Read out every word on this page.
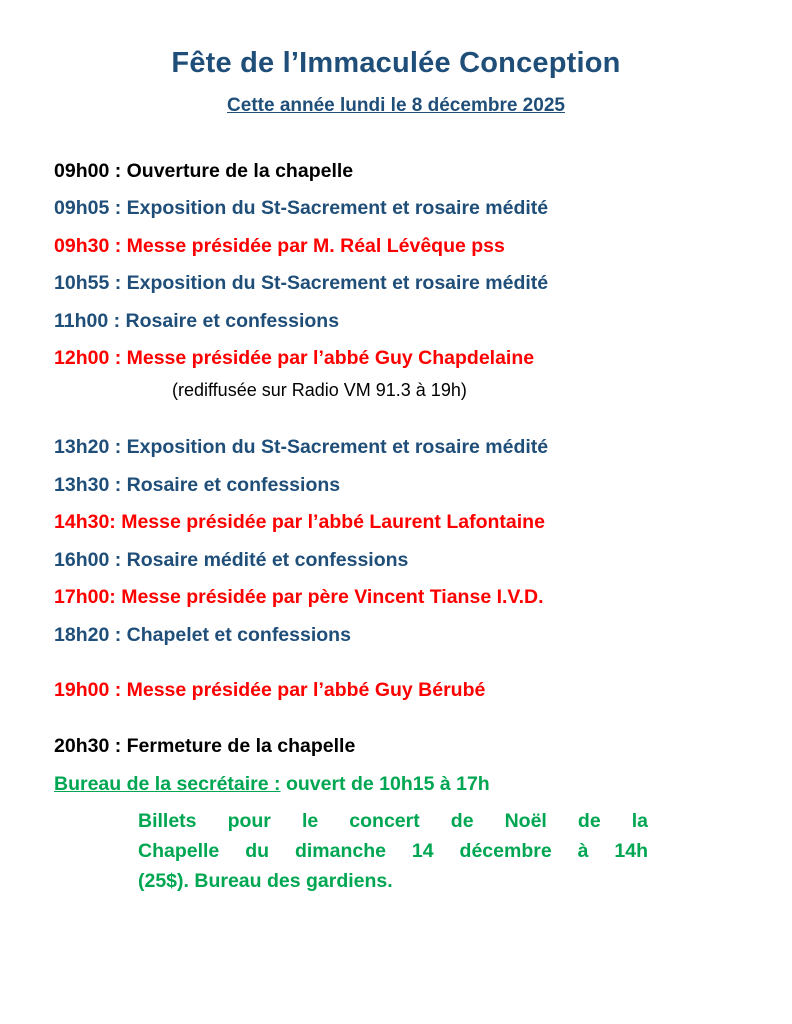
Fête de l’Immaculée Conception
Cette année lundi le 8 décembre 2025
09h00 : Ouverture de la chapelle
09h05 : Exposition du St-Sacrement et rosaire médité
09h30 : Messe présidée par M. Réal Lévêque pss
10h55 : Exposition du St-Sacrement et rosaire médité
11h00 : Rosaire et confessions
12h00 : Messe présidée par l’abbé Guy Chapdelaine
(rediffusée sur Radio VM 91.3 à 19h)
13h20 : Exposition du St-Sacrement et rosaire médité
13h30 : Rosaire et confessions
14h30: Messe présidée par l’abbé Laurent Lafontaine
16h00 : Rosaire médité et confessions
17h00: Messe présidée par père Vincent Tianse I.V.D.
18h20 : Chapelet et confessions
19h00 : Messe présidée par l’abbé Guy Bérubé
20h30 : Fermeture de la chapelle
Bureau de la secrétaire : ouvert de 10h15 à 17h
Billets pour le concert de Noël de la
Chapelle du dimanche 14 décembre à 14h
(25$). Bureau des gardiens.
